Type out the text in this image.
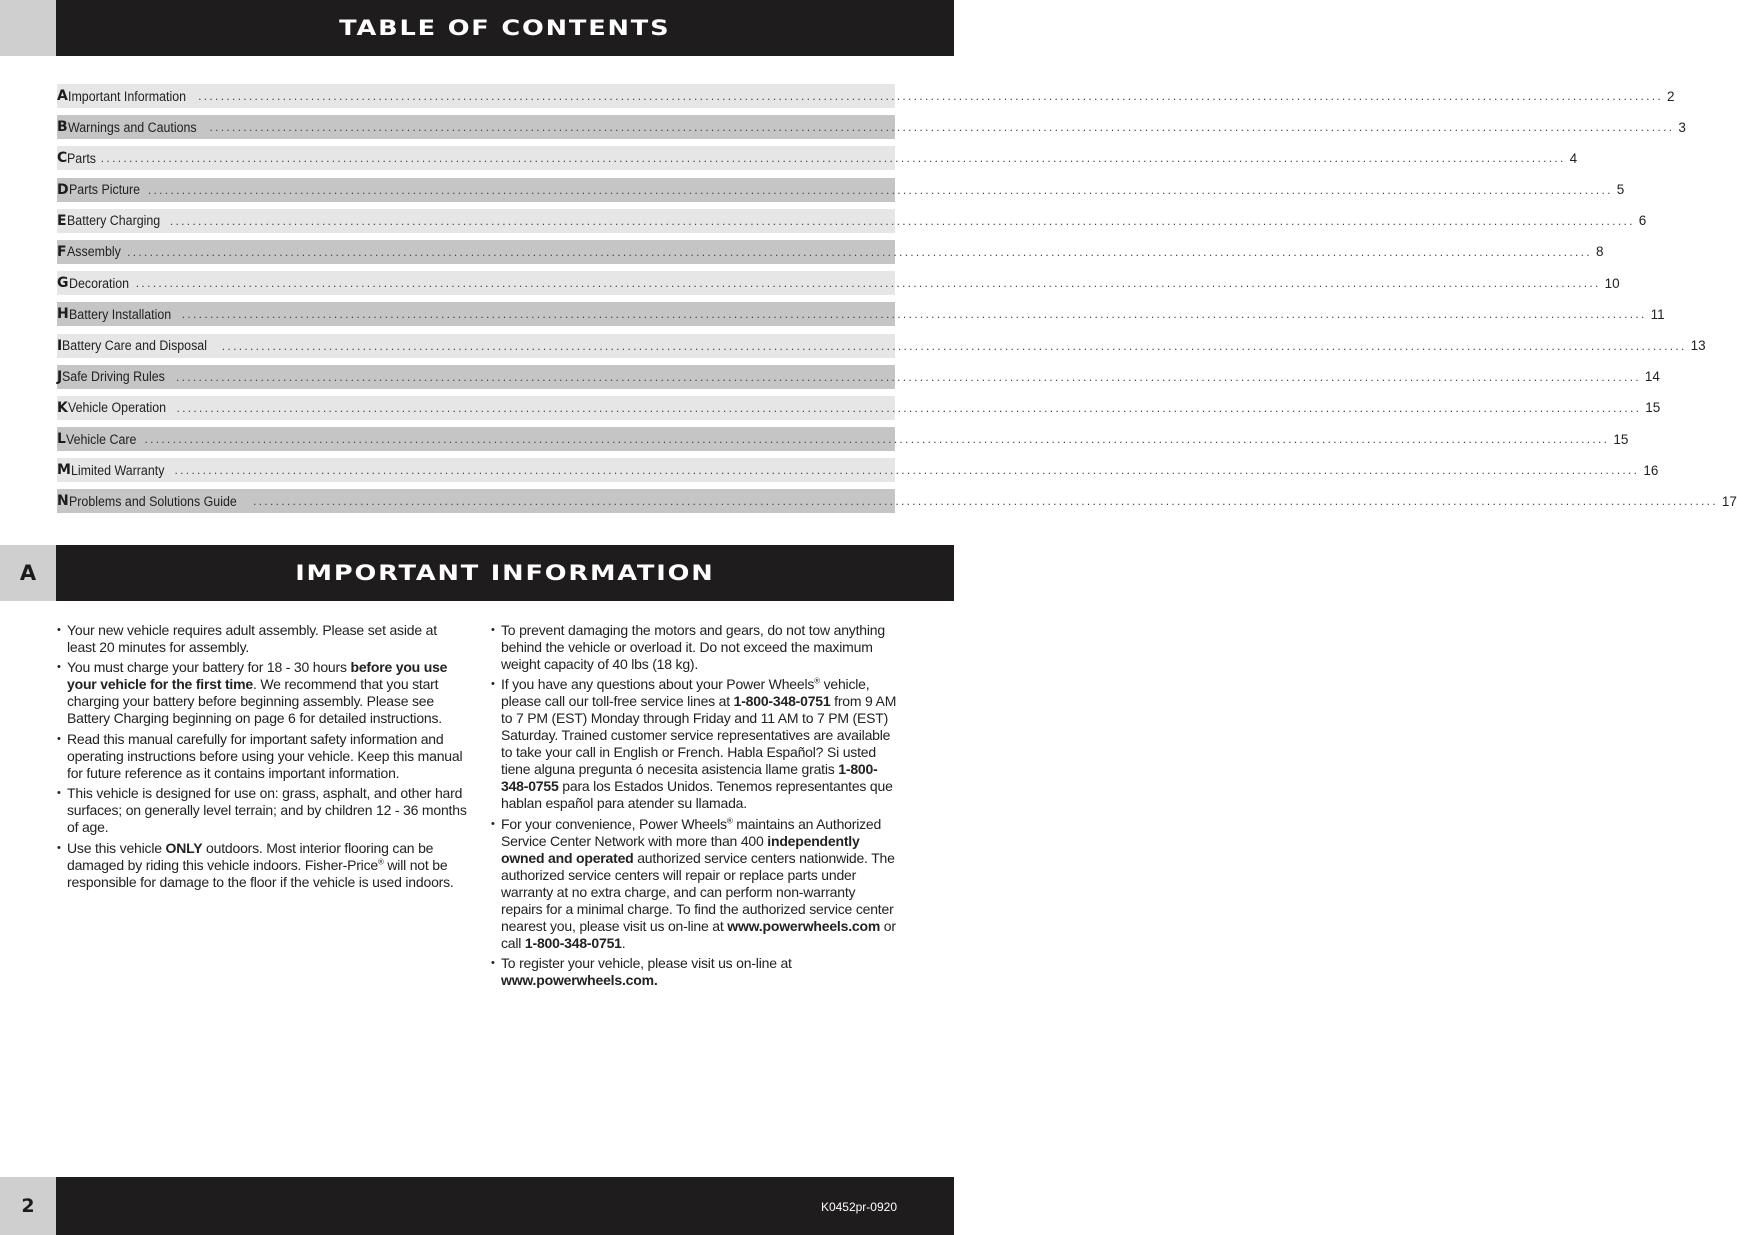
TABLE OF CONTENTS
A Important Information .................................................................................................................................................................................................................................................................... 2
B Warnings and Cautions .................................................................................................................................................................................................................................................................... 3
C Parts .................................................................................................................................................................................................................................................................... 4
D Parts Picture .................................................................................................................................................................................................................................................................... 5
E Battery Charging .................................................................................................................................................................................................................................................................... 6
F Assembly .................................................................................................................................................................................................................................................................... 8
G Decoration .................................................................................................................................................................................................................................................................... 10
H Battery Installation .................................................................................................................................................................................................................................................................... 11
I Battery Care and Disposal .................................................................................................................................................................................................................................................................... 13
J Safe Driving Rules .................................................................................................................................................................................................................................................................... 14
K Vehicle Operation .................................................................................................................................................................................................................................................................... 15
L Vehicle Care .................................................................................................................................................................................................................................................................... 15
M Limited Warranty .................................................................................................................................................................................................................................................................... 16
N Problems and Solutions Guide .................................................................................................................................................................................................................................................................... 17
A	IMPORTANT INFORMATION
• Your new vehicle requires adult assembly. Please set aside at least 20 minutes for assembly.
• You must charge your battery for 18 - 30 hours before you use your vehicle for the first time. We recommend that you start charging your battery before beginning assembly. Please see Battery Charging beginning on page 6 for detailed instructions.
• Read this manual carefully for important safety information and operating instructions before using your vehicle. Keep this manual for future reference as it contains important information.
• This vehicle is designed for use on: grass, asphalt, and other hard surfaces; on generally level terrain; and by children 12 - 36 months of age.
• Use this vehicle ONLY outdoors. Most interior flooring can be damaged by riding this vehicle indoors. Fisher-Price® will not be responsible for damage to the floor if the vehicle is used indoors.
• To prevent damaging the motors and gears, do not tow anything behind the vehicle or overload it. Do not exceed the maximum weight capacity of 40 lbs (18 kg).
• If you have any questions about your Power Wheels® vehicle, please call our toll-free service lines at 1-800-348-0751 from 9 AM to 7 PM (EST) Monday through Friday and 11 AM to 7 PM (EST) Saturday. Trained customer service representatives are available to take your call in English or French. Habla Español? Si usted tiene alguna pregunta ó necesita asistencia llame gratis 1-800-348-0755 para los Estados Unidos. Tenemos representantes que hablan español para atender su llamada.
• For your convenience, Power Wheels® maintains an Authorized Service Center Network with more than 400 independently owned and operated authorized service centers nationwide. The authorized service centers will repair or replace parts under warranty at no extra charge, and can perform non-warranty repairs for a minimal charge. To find the authorized service center nearest you, please visit us on-line at www.powerwheels.com or call 1-800-348-0751.
• To register your vehicle, please visit us on-line at www.powerwheels.com.
2	K0452pr-0920
